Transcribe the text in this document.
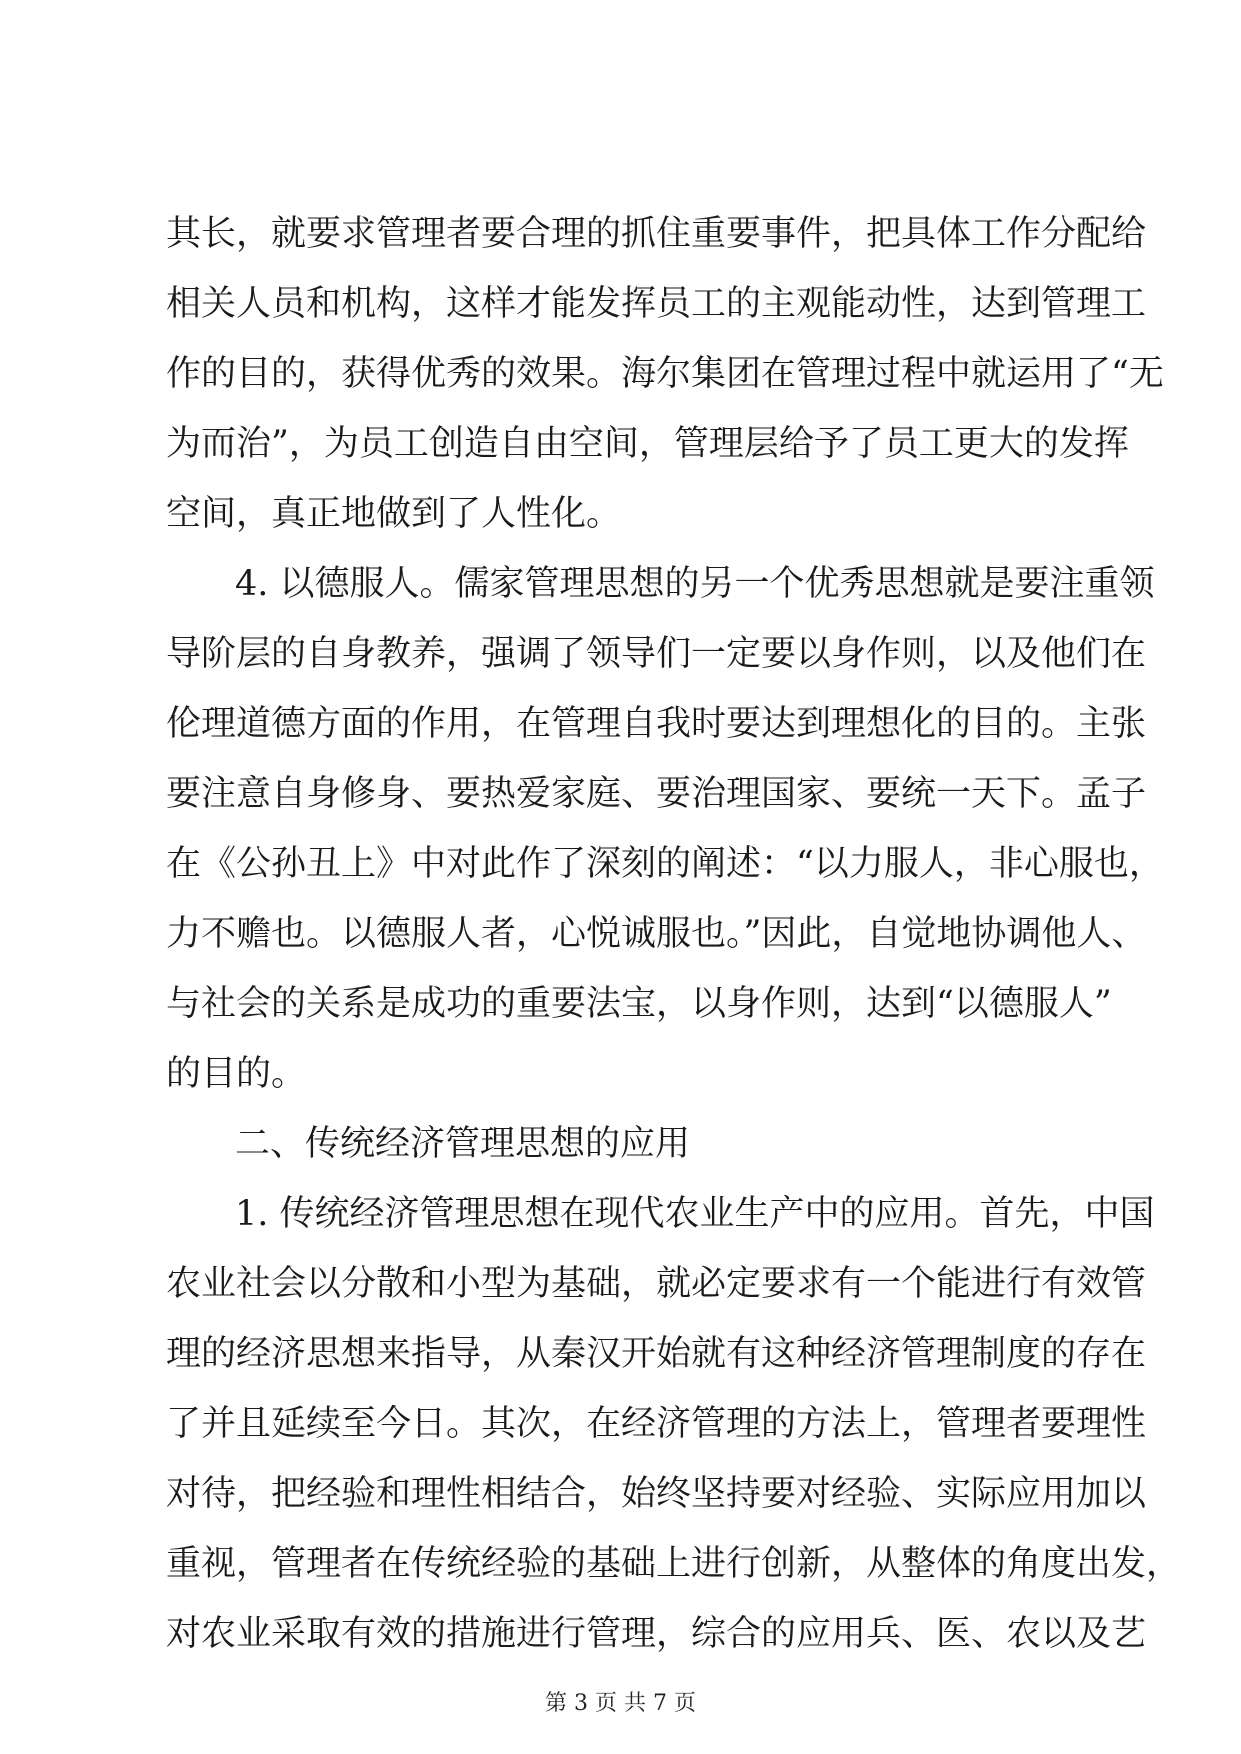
其长，就要求管理者要合理的抓住重要事件，把具体工作分配给
相关人员和机构，这样才能发挥员工的主观能动性，达到管理工
作的目的，获得优秀的效果。海尔集团在管理过程中就运用了“无
为而治”，为员工创造自由空间，管理层给予了员工更大的发挥
空间，真正地做到了人性化。
4. 以德服人。儒家管理思想的另一个优秀思想就是要注重领
导阶层的自身教养，强调了领导们一定要以身作则，以及他们在
伦理道德方面的作用，在管理自我时要达到理想化的目的。主张
要注意自身修身、要热爱家庭、要治理国家、要统一天下。孟子
在《公孙丑上》中对此作了深刻的阐述：“以力服人，非心服也，
力不赡也。以德服人者，心悦诚服也。”因此，自觉地协调他人、
与社会的关系是成功的重要法宝，以身作则，达到“以德服人”
的目的。
二、传统经济管理思想的应用
1. 传统经济管理思想在现代农业生产中的应用。首先，中国
农业社会以分散和小型为基础，就必定要求有一个能进行有效管
理的经济思想来指导，从秦汉开始就有这种经济管理制度的存在
了并且延续至今日。其次，在经济管理的方法上，管理者要理性
对待，把经验和理性相结合，始终坚持要对经验、实际应用加以
重视，管理者在传统经验的基础上进行创新，从整体的角度出发，
对农业采取有效的措施进行管理，综合的应用兵、医、农以及艺
第 3 页 共 7 页
